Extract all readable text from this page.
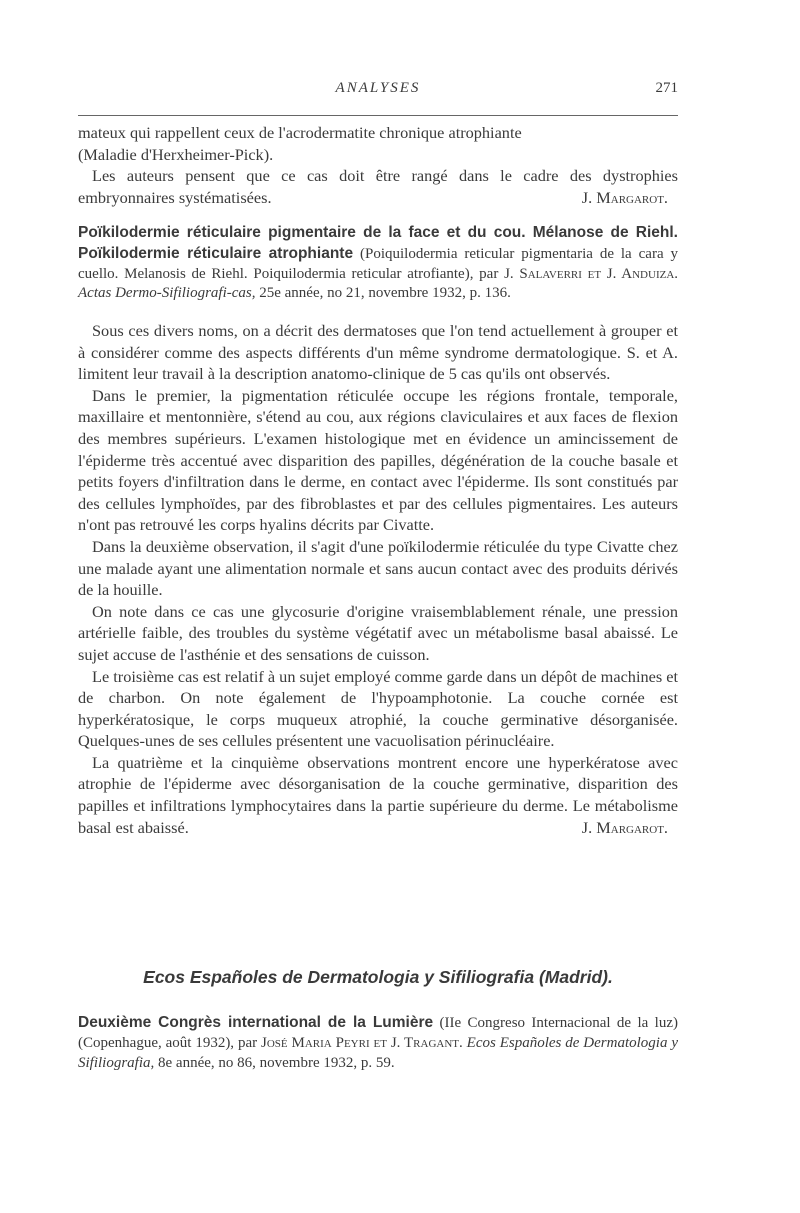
ANALYSES	271

mateux qui rappellent ceux de l'acrodermatite chronique atrophiante

(Maladie d'Herxheimer-Pick).

Les auteurs pensent que ce cas doit être rangé dans le cadre des dystrophies embryonnaires systématisées.	J. Margarot.

Poïkilodermie réticulaire pigmentaire de la face et du cou. Mélanose de Riehl. Poïkilodermie réticulaire atrophiante (Poiquilodermia reticular pigmentaria de la cara y cuello. Melanosis de Riehl. Poiquilodermia reticular atrofiante), par J. Salaverri et J. Anduiza. Actas Dermo-Sifiliografi-cas, 25e année, no 21, novembre 1932, p. 136.

Sous ces divers noms, on a décrit des dermatoses que l'on tend actuellement à grouper et à considérer comme des aspects différents d'un même syndrome dermatologique. S. et A. limitent leur travail à la description anatomo-clinique de 5 cas qu'ils ont observés.

Dans le premier, la pigmentation réticulée occupe les régions frontale, temporale, maxillaire et mentonnière, s'étend au cou, aux régions claviculaires et aux faces de flexion des membres supérieurs. L'examen histologique met en évidence un amincissement de l'épiderme très accentué avec disparition des papilles, dégénération de la couche basale et petits foyers d'infiltration dans le derme, en contact avec l'épiderme. Ils sont constitués par des cellules lymphoïdes, par des fibroblastes et par des cellules pigmentaires. Les auteurs n'ont pas retrouvé les corps hyalins décrits par Civatte.

Dans la deuxième observation, il s'agit d'une poïkilodermie réticulée du type Civatte chez une malade ayant une alimentation normale et sans aucun contact avec des produits dérivés de la houille.

On note dans ce cas une glycosurie d'origine vraisemblablement rénale, une pression artérielle faible, des troubles du système végétatif avec un métabolisme basal abaissé. Le sujet accuse de l'asthénie et des sensations de cuisson.

Le troisième cas est relatif à un sujet employé comme garde dans un dépôt de machines et de charbon. On note également de l'hypoamphotonie. La couche cornée est hyperkératosique, le corps muqueux atrophié, la couche germinative désorganisée. Quelques-unes de ses cellules présentent une vacuolisation périnucléaire.

La quatrième et la cinquième observations montrent encore une hyperkératose avec atrophie de l'épiderme avec désorganisation de la couche germinative, disparition des papilles et infiltrations lymphocytaires dans la partie supérieure du derme. Le métabolisme basal est abaissé.	J. Margarot.

Ecos Españoles de Dermatologia y Sifiliografia (Madrid).
Deuxième Congrès international de la Lumière (IIe Congreso Internacional de la luz) (Copenhague, août 1932), par José Maria Peyri et J. Tragant. Ecos Españoles de Dermatologia y Sifiliografia, 8e année, no 86, novembre 1932, p. 59.
